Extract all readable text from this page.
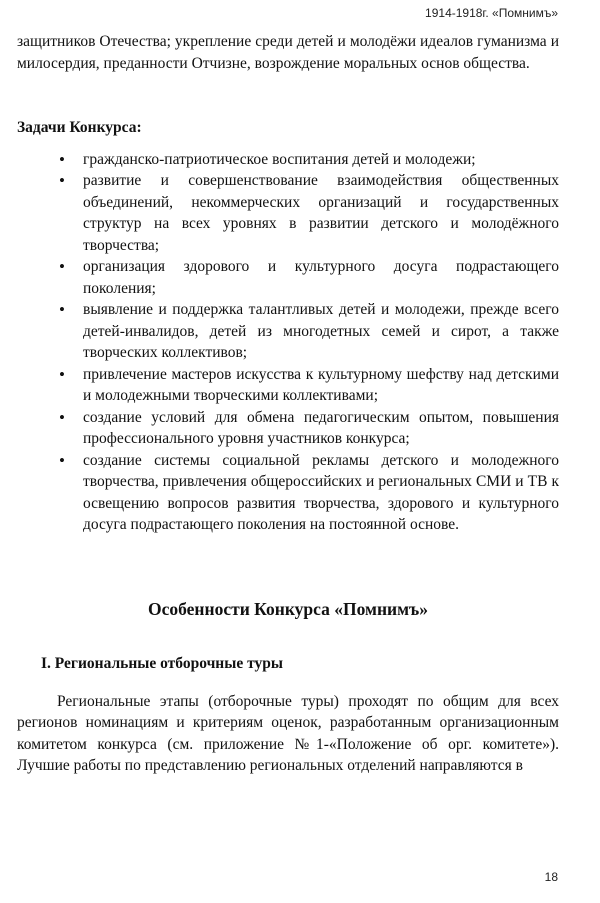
1914-1918г. «Помнимъ»

защитников Отечества; укрепление среди детей и молодёжи идеалов гуманизма и милосердия, преданности Отчизне, возрождение моральных основ общества.

Задачи Конкурса:

• гражданско-патриотическое воспитания детей и молодежи;
• развитие и совершенствование взаимодействия общественных объединений, некоммерческих организаций и государственных структур на всех уровнях в развитии детского и молодёжного творчества;
• организация здорового и культурного досуга подрастающего поколения;
• выявление и поддержка талантливых детей и молодежи, прежде всего детей-инвалидов, детей из многодетных семей и сирот, а также творческих коллективов;
• привлечение мастеров искусства к культурному шефству над детскими и молодежными творческими коллективами;
• создание условий для обмена педагогическим опытом, повышения профессионального уровня участников конкурса;
• создание системы социальной рекламы детского и молодежного творчества, привлечения общероссийских и региональных СМИ и ТВ к освещению вопросов развития творчества, здорового и культурного досуга подрастающего поколения на постоянной основе.

Особенности Конкурса «Помнимъ»

I. Региональные отборочные туры

Региональные этапы (отборочные туры) проходят по общим для всех регионов номинациям и критериям оценок, разработанным организационным комитетом конкурса (см. приложение №1-«Положение об орг. комитете»). Лучшие работы по представлению региональных отделений направляются в

18
